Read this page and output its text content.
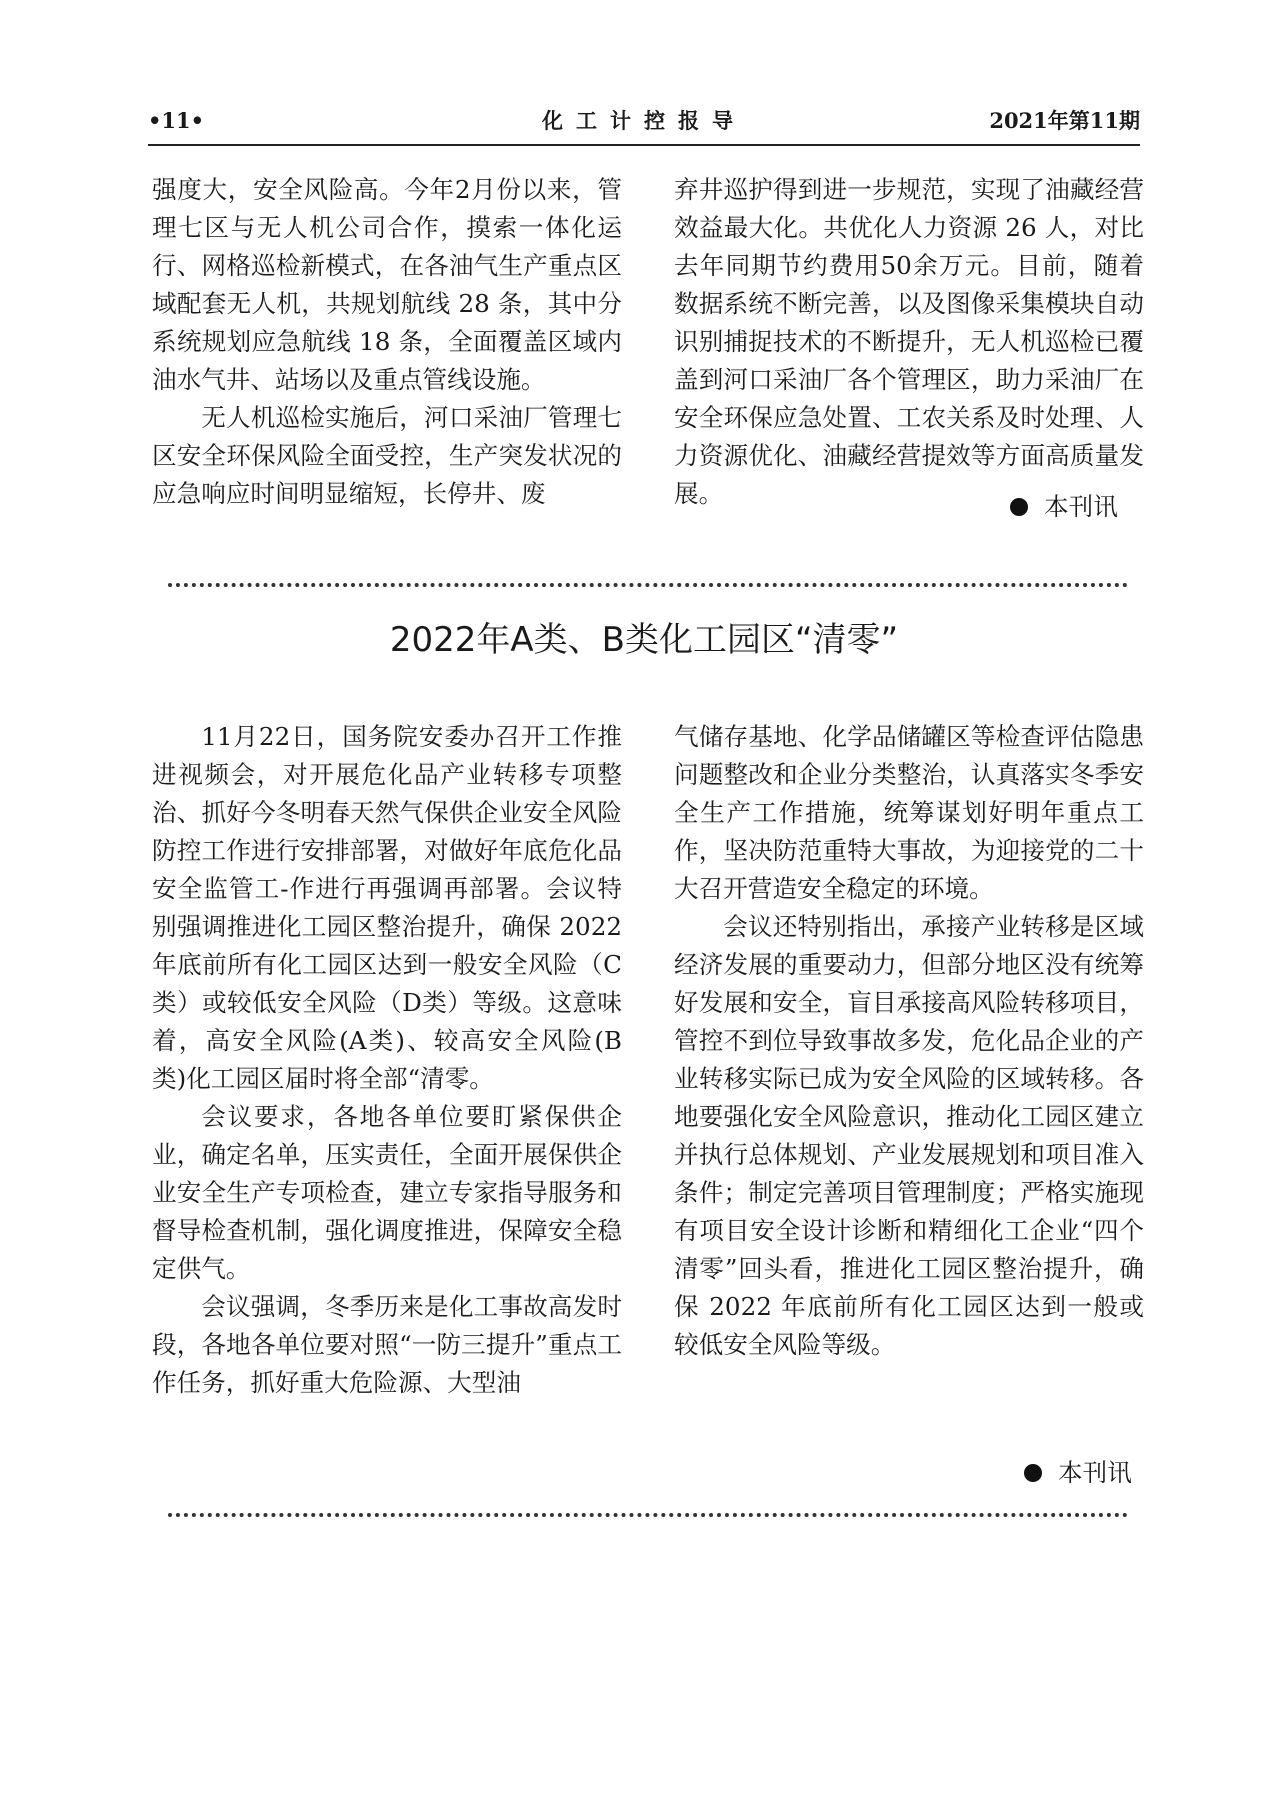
•11•	化工计控报导	2021年第11期

强度大，安全风险高。今年2月份以来，管理七区与无人机公司合作，摸索一体化运行、网格巡检新模式，在各油气生产重点区域配套无人机，共规划航线 28 条，其中分系统规划应急航线 18 条，全面覆盖区域内油水气井、站场以及重点管线设施。

无人机巡检实施后，河口采油厂管理七区安全环保风险全面受控，生产突发状况的应急响应时间明显缩短，长停井、废

弃井巡护得到进一步规范，实现了油藏经营效益最大化。共优化人力资源 26 人，对比去年同期节约费用50余万元。目前，随着数据系统不断完善，以及图像采集模块自动识别捕捉技术的不断提升，无人机巡检已覆盖到河口采油厂各个管理区，助力采油厂在安全环保应急处置、工农关系及时处理、人力资源优化、油藏经营提效等方面高质量发展。	本刊讯
2022年A类、B类化工园区“清零”

11月22日，国务院安委办召开工作推进视频会，对开展危化品产业转移专项整治、抓好今冬明春天然气保供企业安全风险防控工作进行安排部署，对做好年底危化品安全监管工-作进行再强调再部署。会议特别强调推进化工园区整治提升，确保 2022 年底前所有化工园区达到一般安全风险（C类）或较低安全风险（D类）等级。这意味着，高安全风险(A类)、较高安全风险(B 类)化工园区届时将全部“清零。

会议要求，各地各单位要盯紧保供企业，确定名单，压实责任，全面开展保供企业安全生产专项检查，建立专家指导服务和督导检查机制，强化调度推进，保障安全稳定供气。

会议强调，冬季历来是化工事故高发时段，各地各单位要对照“一防三提升”重点工作任务，抓好重大危险源、大型油

气储存基地、化学品储罐区等检查评估隐患问题整改和企业分类整治，认真落实冬季安全生产工作措施，统筹谋划好明年重点工作，坚决防范重特大事故，为迎接党的二十大召开营造安全稳定的环境。

会议还特别指出，承接产业转移是区域经济发展的重要动力，但部分地区没有统筹好发展和安全，盲目承接高风险转移项目，管控不到位导致事故多发，危化品企业的产业转移实际已成为安全风险的区域转移。各地要强化安全风险意识，推动化工园区建立并执行总体规划、产业发展规划和项目准入条件；制定完善项目管理制度；严格实施现有项目安全设计诊断和精细化工企业“四个清零”回头看，推进化工园区整治提升，确保 2022 年底前所有化工园区达到一般或较低安全风险等级。

本刊讯
